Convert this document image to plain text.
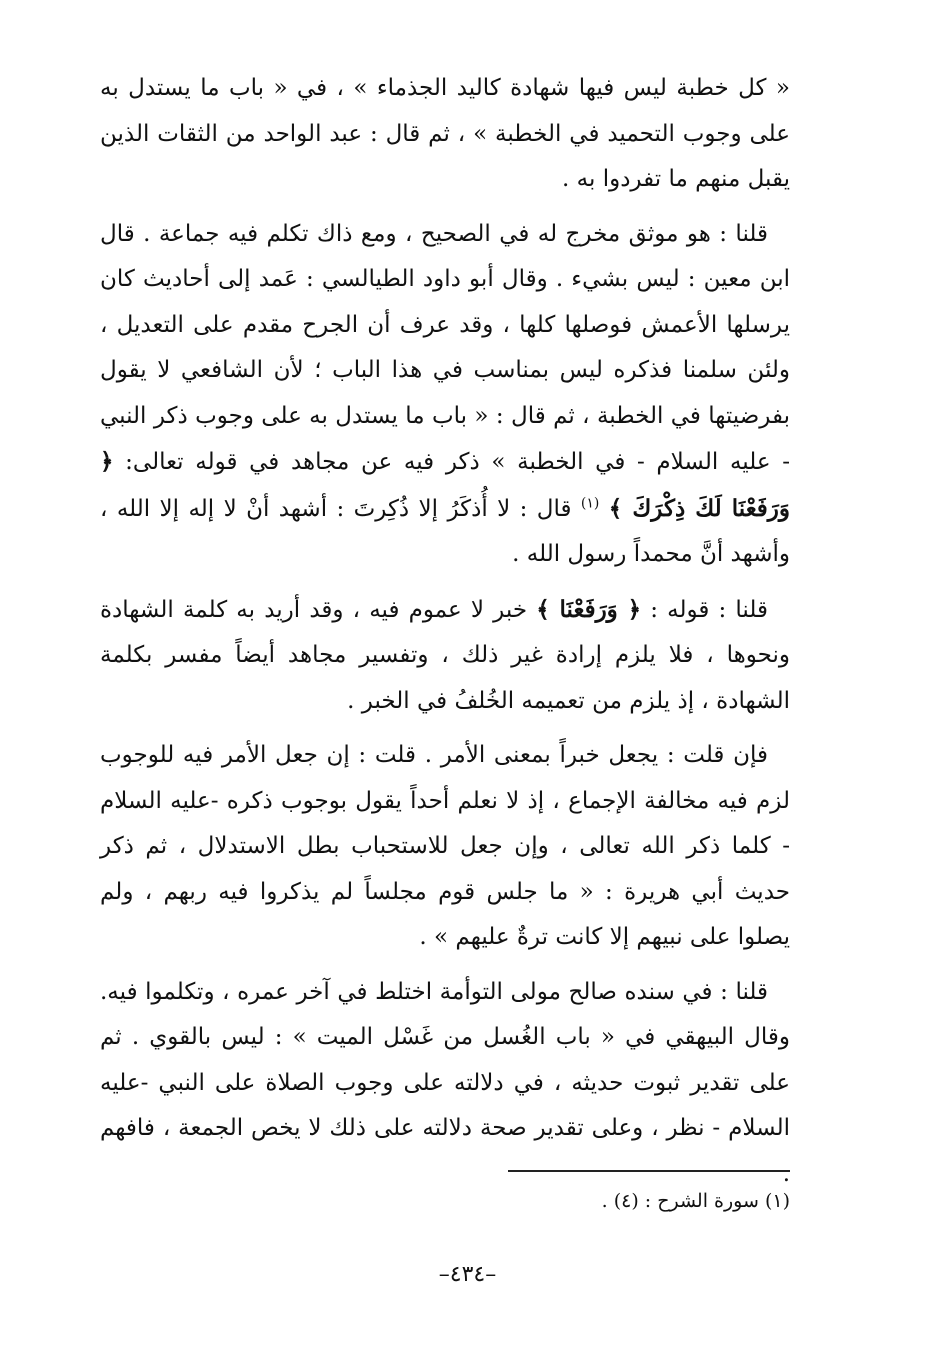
« كل خطبة ليس فيها شهادة كاليد الجذماء » ، في « باب ما يستدل به على وجوب التحميد في الخطبة » ، ثم قال : عبد الواحد من الثقات الذين يقبل منهم ما تفردوا به .

قلنا : هو موثق مخرج له في الصحيح ، ومع ذاك تكلم فيه جماعة . قال ابن معين : ليس بشيء . وقال أبو داود الطيالسي : عَمد إلى أحاديث كان يرسلها الأعمش فوصلها كلها ، وقد عرف أن الجرح مقدم على التعديل ، ولئن سلمنا فذكره ليس بمناسب في هذا الباب ؛ لأن الشافعي لا يقول بفرضيتها في الخطبة ، ثم قال : « باب ما يستدل به على وجوب ذكر النبي - عليه السلام - في الخطبة » ذكر فيه عن مجاهد في قوله تعالى: ﴿ وَرَفَعْنَا لَكَ ذِكْرَكَ ﴾ $^{(١)}$ قال : لا أُذكَرُ إلا ذُكِرتَ : أشهد أنْ لا إله إلا الله ، وأشهد أنَّ محمداً رسول الله .

قلنا : قوله : ﴿ وَرَفَعْنَا ﴾ خبر لا عموم فيه ، وقد أريد به كلمة الشهادة ونحوها ، فلا يلزم إرادة غير ذلك ، وتفسير مجاهد أيضاً مفسر بكلمة الشهادة ، إذ يلزم من تعميمه الخُلفُ في الخبر .

فإن قلت : يجعل خبراً بمعنى الأمر . قلت : إن جعل الأمر فيه للوجوب لزم فيه مخالفة الإجماع ، إذ لا نعلم أحداً يقول بوجوب ذكره -عليه السلام - كلما ذكر الله تعالى ، وإن جعل للاستحباب بطل الاستدلال ، ثم ذكر حديث أبي هريرة : « ما جلس قوم مجلساً لم يذكروا فيه ربهم ، ولم يصلوا على نبيهم إلا كانت ترةٌ عليهم » .

قلنا : في سنده صالح مولى التوأمة اختلط في آخر عمره ، وتكلموا فيه. وقال البيهقي في « باب الغُسل من غَسْل الميت » : ليس بالقوي . ثم على تقدير ثبوت حديثه ، في دلالته على وجوب الصلاة على النبي -عليه السلام - نظر ، وعلى تقدير صحة دلالته على ذلك لا يخص الجمعة ، فافهم .

(١) سورة الشرح : (٤) .
–٤٣٤–
